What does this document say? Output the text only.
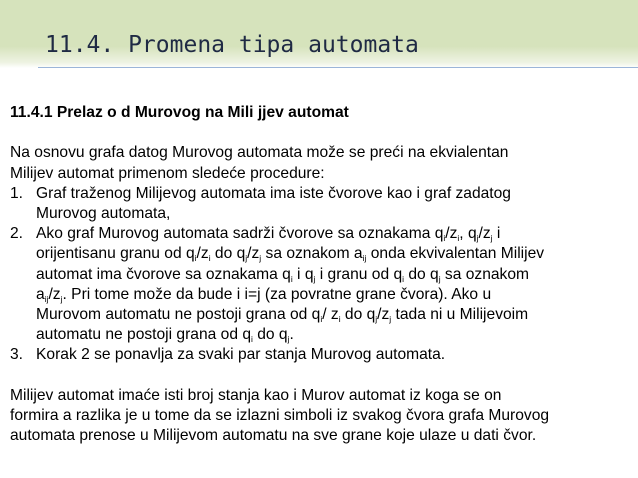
11.4. Promena tipa automata

11.4.1 Prelaz o d Murovog na Mili jjev automat

Na osnovu grafa datog Murovog automata može se preći na ekvialentan

Milijev automat primenom sledeće procedure:

1. Graf traženog Milijevog automata ima iste čvorove kao i graf zadatog
Murovog automata,
2. Ako graf Murovog automata sadrži čvorove sa oznakama $q_i/z_i$, $q_j/z_j$ i
orijentisanu granu od $q_i/z_i$ do $q_j/z_j$ sa oznakom $a_{ij}$ onda ekvivalentan Milijev
automat ima čvorove sa oznakama $q_i$ i $q_j$ i granu od $q_i$ do $q_j$ sa oznakom
$a_{ij}/z_j$. Pri tome može da bude i i=j (za povratne grane čvora). Ako u
Murovom automatu ne postoji grana od $q_i/$ $z_i$ do $q_j/z_j$ tada ni u Milijevoim
automatu ne postoji grana od $q_i$ do $q_j$.
3. Korak 2 se ponavlja za svaki par stanja Murovog automata.

Milijev automat imaće isti broj stanja kao i Murov automat iz koga se on

formira a razlika je u tome da se izlazni simboli iz svakog čvora grafa Murovog

automata prenose u Milijevom automatu na sve grane koje ulaze u dati čvor.
